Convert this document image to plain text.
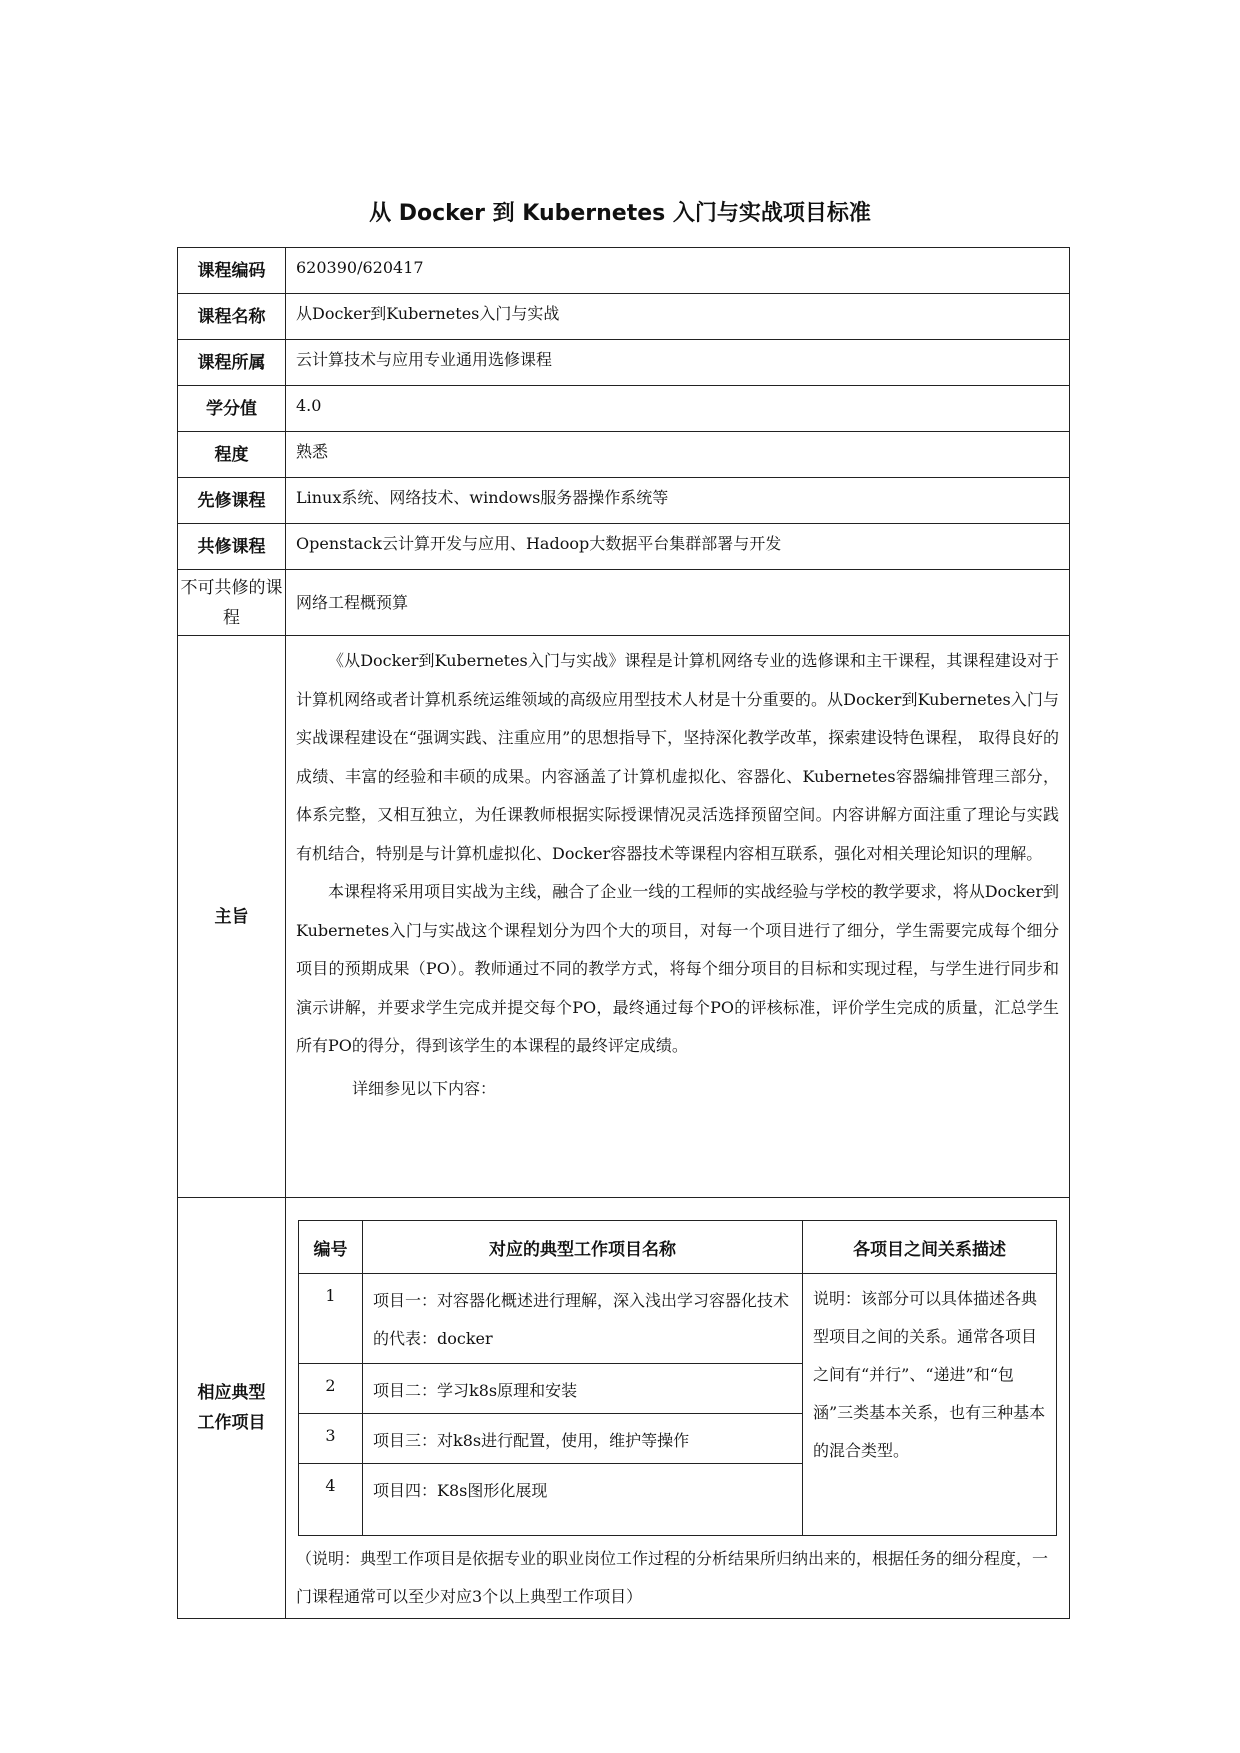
从 Docker 到 Kubernetes 入门与实战项目标准
课程编码	620390/620417
课程名称	从Docker到Kubernetes入门与实战
课程所属	云计算技术与应用专业通用选修课程
学分值	4.0
程度	熟悉
先修课程	Linux系统、网络技术、windows服务器操作系统等
共修课程	Openstack云计算开发与应用、Hadoop大数据平台集群部署与开发
不可共修的课程	网络工程概预算
主旨	

《从Docker到Kubernetes入门与实战》课程是计算机网络专业的选修课和主干课程，其课程建设对于计算机网络或者计算机系统运维领域的高级应用型技术人材是十分重要的。从Docker到Kubernetes入门与实战课程建设在“强调实践、注重应用”的思想指导下，坚持深化教学改革，探索建设特色课程， 取得良好的成绩、丰富的经验和丰硕的成果。内容涵盖了计算机虚拟化、容器化、Kubernetes容器编排管理三部分，体系完整，又相互独立，为任课教师根据实际授课情况灵活选择预留空间。内容讲解方面注重了理论与实践有机结合，特别是与计算机虚拟化、Docker容器技术等课程内容相互联系，强化对相关理论知识的理解。

本课程将采用项目实战为主线，融合了企业一线的工程师的实战经验与学校的教学要求，将从Docker到Kubernetes入门与实战这个课程划分为四个大的项目，对每一个项目进行了细分，学生需要完成每个细分项目的预期成果（PO）。教师通过不同的教学方式，将每个细分项目的目标和实现过程，与学生进行同步和演示讲解，并要求学生完成并提交每个PO，最终通过每个PO的评核标准，评价学生完成的质量，汇总学生所有PO的得分，得到该学生的本课程的最终评定成绩。

详细参见以下内容：

相应典型工作项目	
编号	对应的典型工作项目名称	各项目之间关系描述
1	项目一：对容器化概述进行理解，深入浅出学习容器化技术的代表：docker	说明：该部分可以具体描述各典型项目之间的关系。通常各项目之间有“并行”、“递进”和“包涵”三类基本关系，也有三种基本的混合类型。
2	项目二：学习k8s原理和安装
3	项目三：对k8s进行配置，使用，维护等操作
4	项目四：K8s图形化展现
（说明：典型工作项目是依据专业的职业岗位工作过程的分析结果所归纳出来的，根据任务的细分程度，一门课程通常可以至少对应3个以上典型工作项目）
